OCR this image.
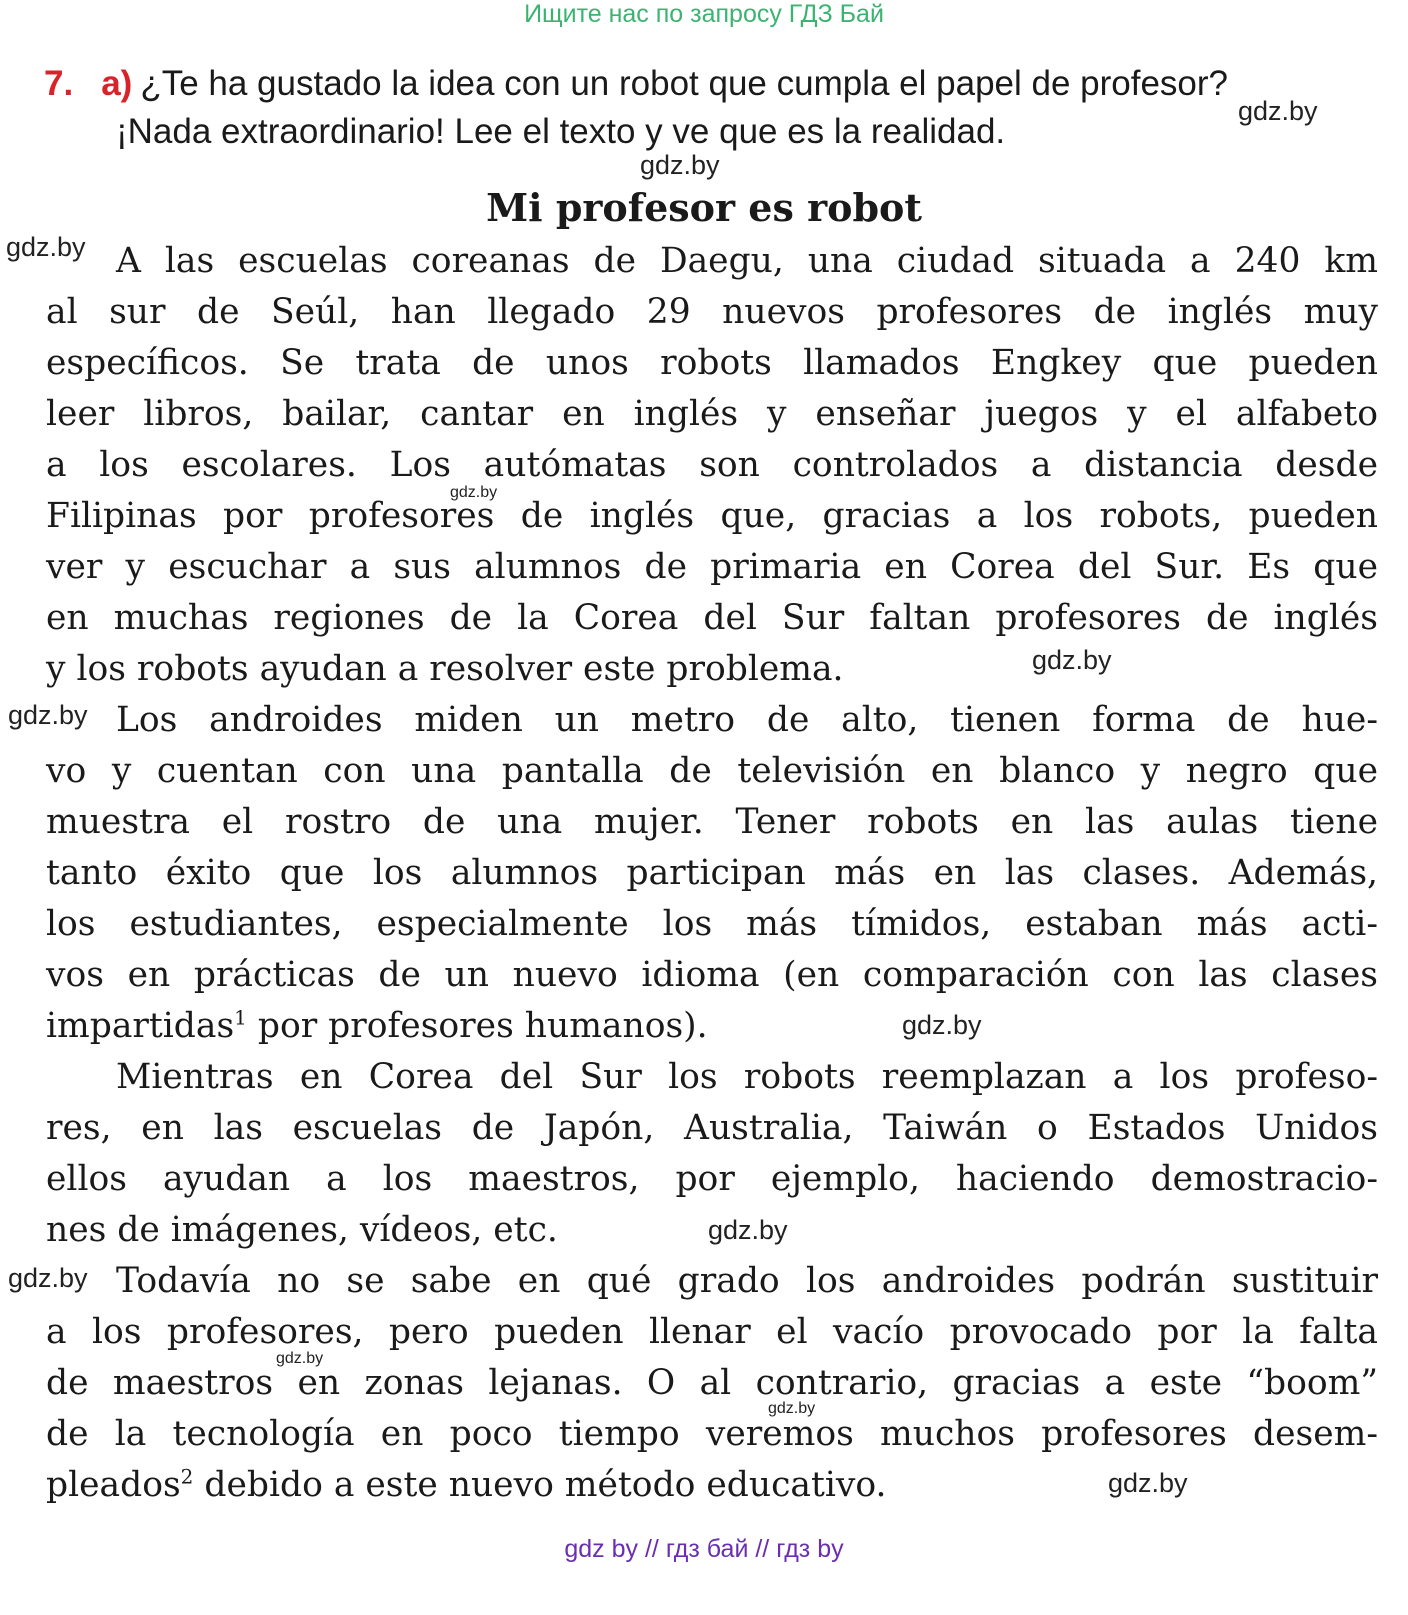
Ищите нас по запросу ГДЗ Бай
7. a) ¿Te ha gustado la idea con un robot que cumpla el papel de profesor?
¡Nada extraordinario! Lee el texto y ve que es la realidad.
Mi profesor es robot
A las escuelas coreanas de Daegu, una ciudad situada a 240 km
al sur de Seúl, han llegado 29 nuevos profesores de inglés muy
específicos. Se trata de unos robots llamados Engkey que pueden
leer libros, bailar, cantar en inglés y enseñar juegos y el alfabeto
a los escolares. Los autómatas son controlados a distancia desde
Filipinas por profesores de inglés que, gracias a los robots, pueden
ver y escuchar a sus alumnos de primaria en Corea del Sur. Es que
en muchas regiones de la Corea del Sur faltan profesores de inglés
y los robots ayudan a resolver este problema.
Los androides miden un metro de alto, tienen forma de hue-
vo y cuentan con una pantalla de televisión en blanco y negro que
muestra el rostro de una mujer. Tener robots en las aulas tiene
tanto éxito que los alumnos participan más en las clases. Además,
los estudiantes, especialmente los más tímidos, estaban más acti-
vos en prácticas de un nuevo idioma (en comparación con las clases
impartidas$^1$ por profesores humanos).
Mientras en Corea del Sur los robots reemplazan a los profeso-
res, en las escuelas de Japón, Australia, Taiwán o Estados Unidos
ellos ayudan a los maestros, por ejemplo, haciendo demostracio-
nes de imágenes, vídeos, etc.
Todavía no se sabe en qué grado los androides podrán sustituir
a los profesores, pero pueden llenar el vacío provocado por la falta
de maestros en zonas lejanas. O al contrario, gracias a este “boom”
de la tecnología en poco tiempo veremos muchos profesores desem-
pleados$^2$ debido a este nuevo método educativo.
gdz.by
gdz.by
gdz.by
gdz.by
gdz.by
gdz.by
gdz.by
gdz.by
gdz.by
gdz.by
gdz.by
gdz.by
gdz by // гдз бай // гдз by
